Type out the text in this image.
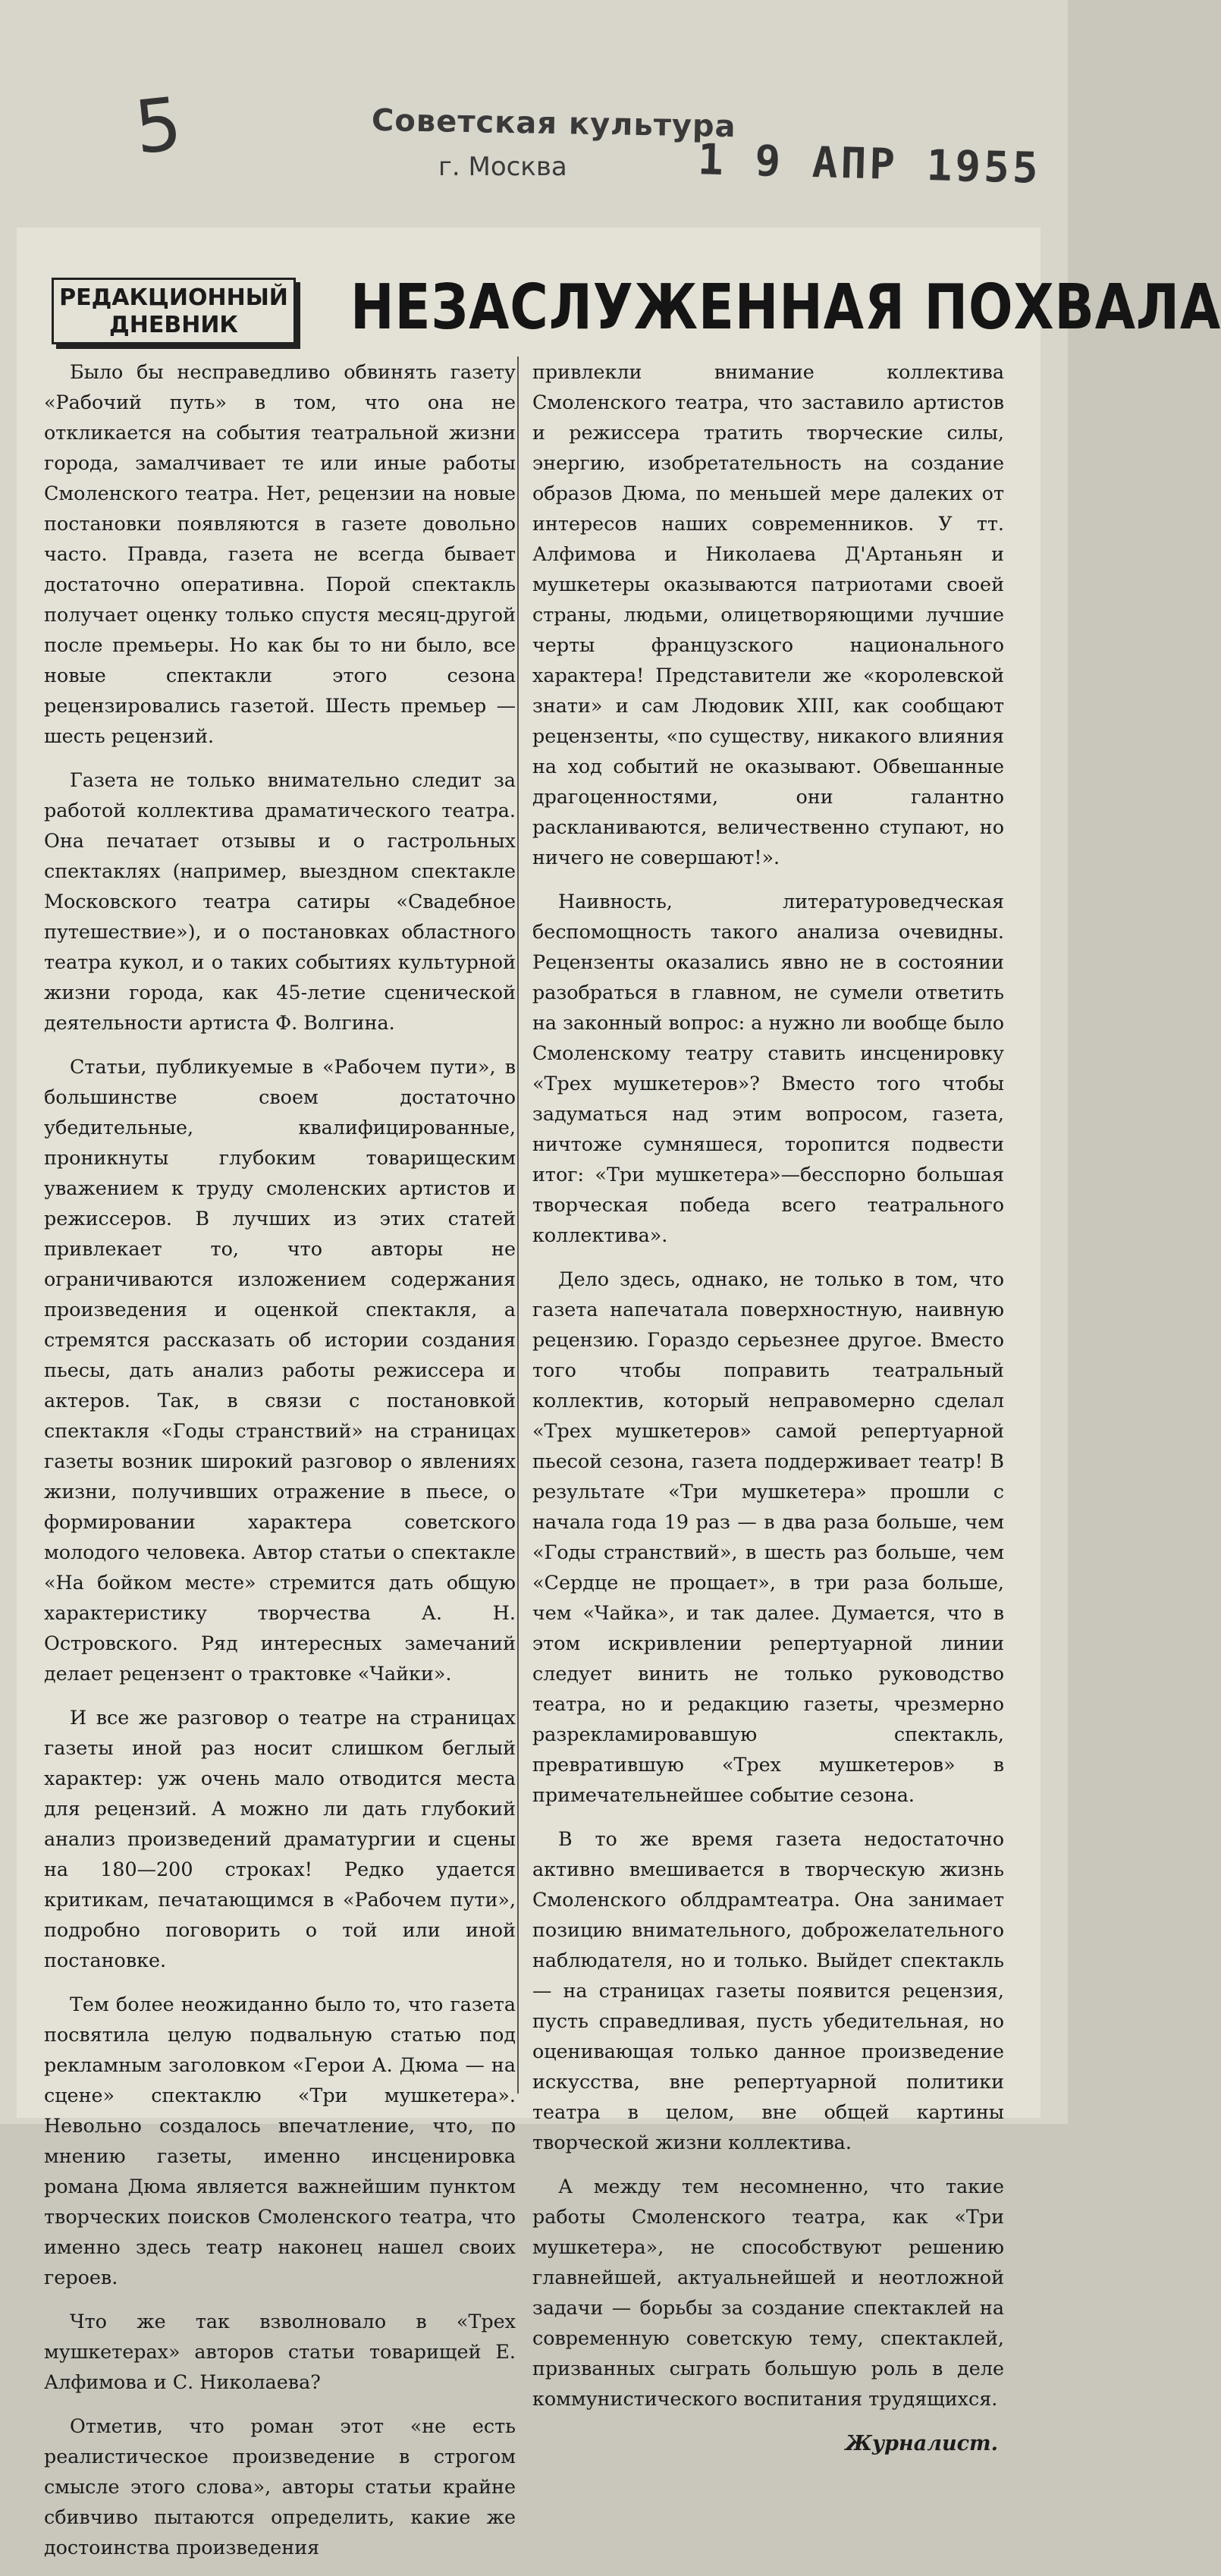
5	Советская культура
г. Москва	1 9 АПР 1955
РЕДАКЦИОННЫЙ
ДНЕВНИК	НЕЗАСЛУЖЕННАЯ ПОХВАЛА

Было бы несправедливо обвинять газету «Рабочий путь» в том, что она не откликается на события театральной жизни города, замалчивает те или иные работы Смоленского театра. Нет, рецензии на новые постановки появляются в газете довольно часто. Правда, газета не всегда бывает достаточно оперативна. Порой спектакль получает оценку только спустя месяц-другой после премьеры. Но как бы то ни было, все новые спектакли этого сезона рецензировались газетой. Шесть премьер — шесть рецензий.

Газета не только внимательно следит за работой коллектива драматического театра. Она печатает отзывы и о гастрольных спектаклях (например, выездном спектакле Московского театра сатиры «Свадебное путешествие»), и о постановках областного театра кукол, и о таких событиях культурной жизни города, как 45-летие сценической деятельности артиста Ф. Волгина.

Статьи, публикуемые в «Рабочем пути», в большинстве своем достаточно убедительные, квалифицированные, проникнуты глубоким товарищеским уважением к труду смоленских артистов и режиссеров. В лучших из этих статей привлекает то, что авторы не ограничиваются изложением содержания произведения и оценкой спектакля, а стремятся рассказать об истории создания пьесы, дать анализ работы режиссера и актеров. Так, в связи с постановкой спектакля «Годы странствий» на страницах газеты возник широкий разговор о явлениях жизни, получивших отражение в пьесе, о формировании характера советского молодого человека. Автор статьи о спектакле «На бойком месте» стремится дать общую характеристику творчества А. Н. Островского. Ряд интересных замечаний делает рецензент о трактовке «Чайки».

И все же разговор о театре на страницах газеты иной раз носит слишком беглый характер: уж очень мало отводится места для рецензий. А можно ли дать глубокий анализ произведений драматургии и сцены на 180—200 строках! Редко удается критикам, печатающимся в «Рабочем пути», подробно поговорить о той или иной постановке.

Тем более неожиданно было то, что газета посвятила целую подвальную статью под рекламным заголовком «Герои А. Дюма — на сцене» спектаклю «Три мушкетера». Невольно создалось впечатление, что, по мнению газеты, именно инсценировка романа Дюма является важнейшим пунктом творческих поисков Смоленского театра, что именно здесь театр наконец нашел своих героев.

Что же так взволновало в «Трех мушкетерах» авторов статьи товарищей Е. Алфимова и С. Николаева?

Отметив, что роман этот «не есть реалистическое произведение в строгом смысле этого слова», авторы статьи крайне сбивчиво пытаются определить, какие же достоинства произведения

привлекли внимание коллектива Смоленского театра, что заставило артистов и режиссера тратить творческие силы, энергию, изобретательность на создание образов Дюма, по меньшей мере далеких от интересов наших современников. У тт. Алфимова и Николаева Д'Артаньян и мушкетеры оказываются патриотами своей страны, людьми, олицетворяющими лучшие черты французского национального характера! Представители же «королевской знати» и сам Людовик XIII, как сообщают рецензенты, «по существу, никакого влияния на ход событий не оказывают. Обвешанные драгоценностями, они галантно раскланиваются, величественно ступают, но ничего не совершают!».

Наивность, литературоведческая беспомощность такого анализа очевидны. Рецензенты оказались явно не в состоянии разобраться в главном, не сумели ответить на законный вопрос: а нужно ли вообще было Смоленскому театру ставить инсценировку «Трех мушкетеров»? Вместо того чтобы задуматься над этим вопросом, газета, ничтоже сумняшеся, торопится подвести итог: «Три мушкетера»—бесспорно большая творческая победа всего театрального коллектива».

Дело здесь, однако, не только в том, что газета напечатала поверхностную, наивную рецензию. Гораздо серьезнее другое. Вместо того чтобы поправить театральный коллектив, который неправомерно сделал «Трех мушкетеров» самой репертуарной пьесой сезона, газета поддерживает театр! В результате «Три мушкетера» прошли с начала года 19 раз — в два раза больше, чем «Годы странствий», в шесть раз больше, чем «Сердце не прощает», в три раза больше, чем «Чайка», и так далее. Думается, что в этом искривлении репертуарной линии следует винить не только руководство театра, но и редакцию газеты, чрезмерно разрекламировавшую спектакль, превратившую «Трех мушкетеров» в примечательнейшее событие сезона.

В то же время газета недостаточно активно вмешивается в творческую жизнь Смоленского облдрамтеатра. Она занимает позицию внимательного, доброжелательного наблюдателя, но и только. Выйдет спектакль — на страницах газеты появится рецензия, пусть справедливая, пусть убедительная, но оценивающая только данное произведение искусства, вне репертуарной политики театра в целом, вне общей картины творческой жизни коллектива.

А между тем несомненно, что такие работы Смоленского театра, как «Три мушкетера», не способствуют решению главнейшей, актуальнейшей и неотложной задачи — борьбы за создание спектаклей на современную советскую тему, спектаклей, призванных сыграть большую роль в деле коммунистического воспитания трудящихся.

Журналист.
